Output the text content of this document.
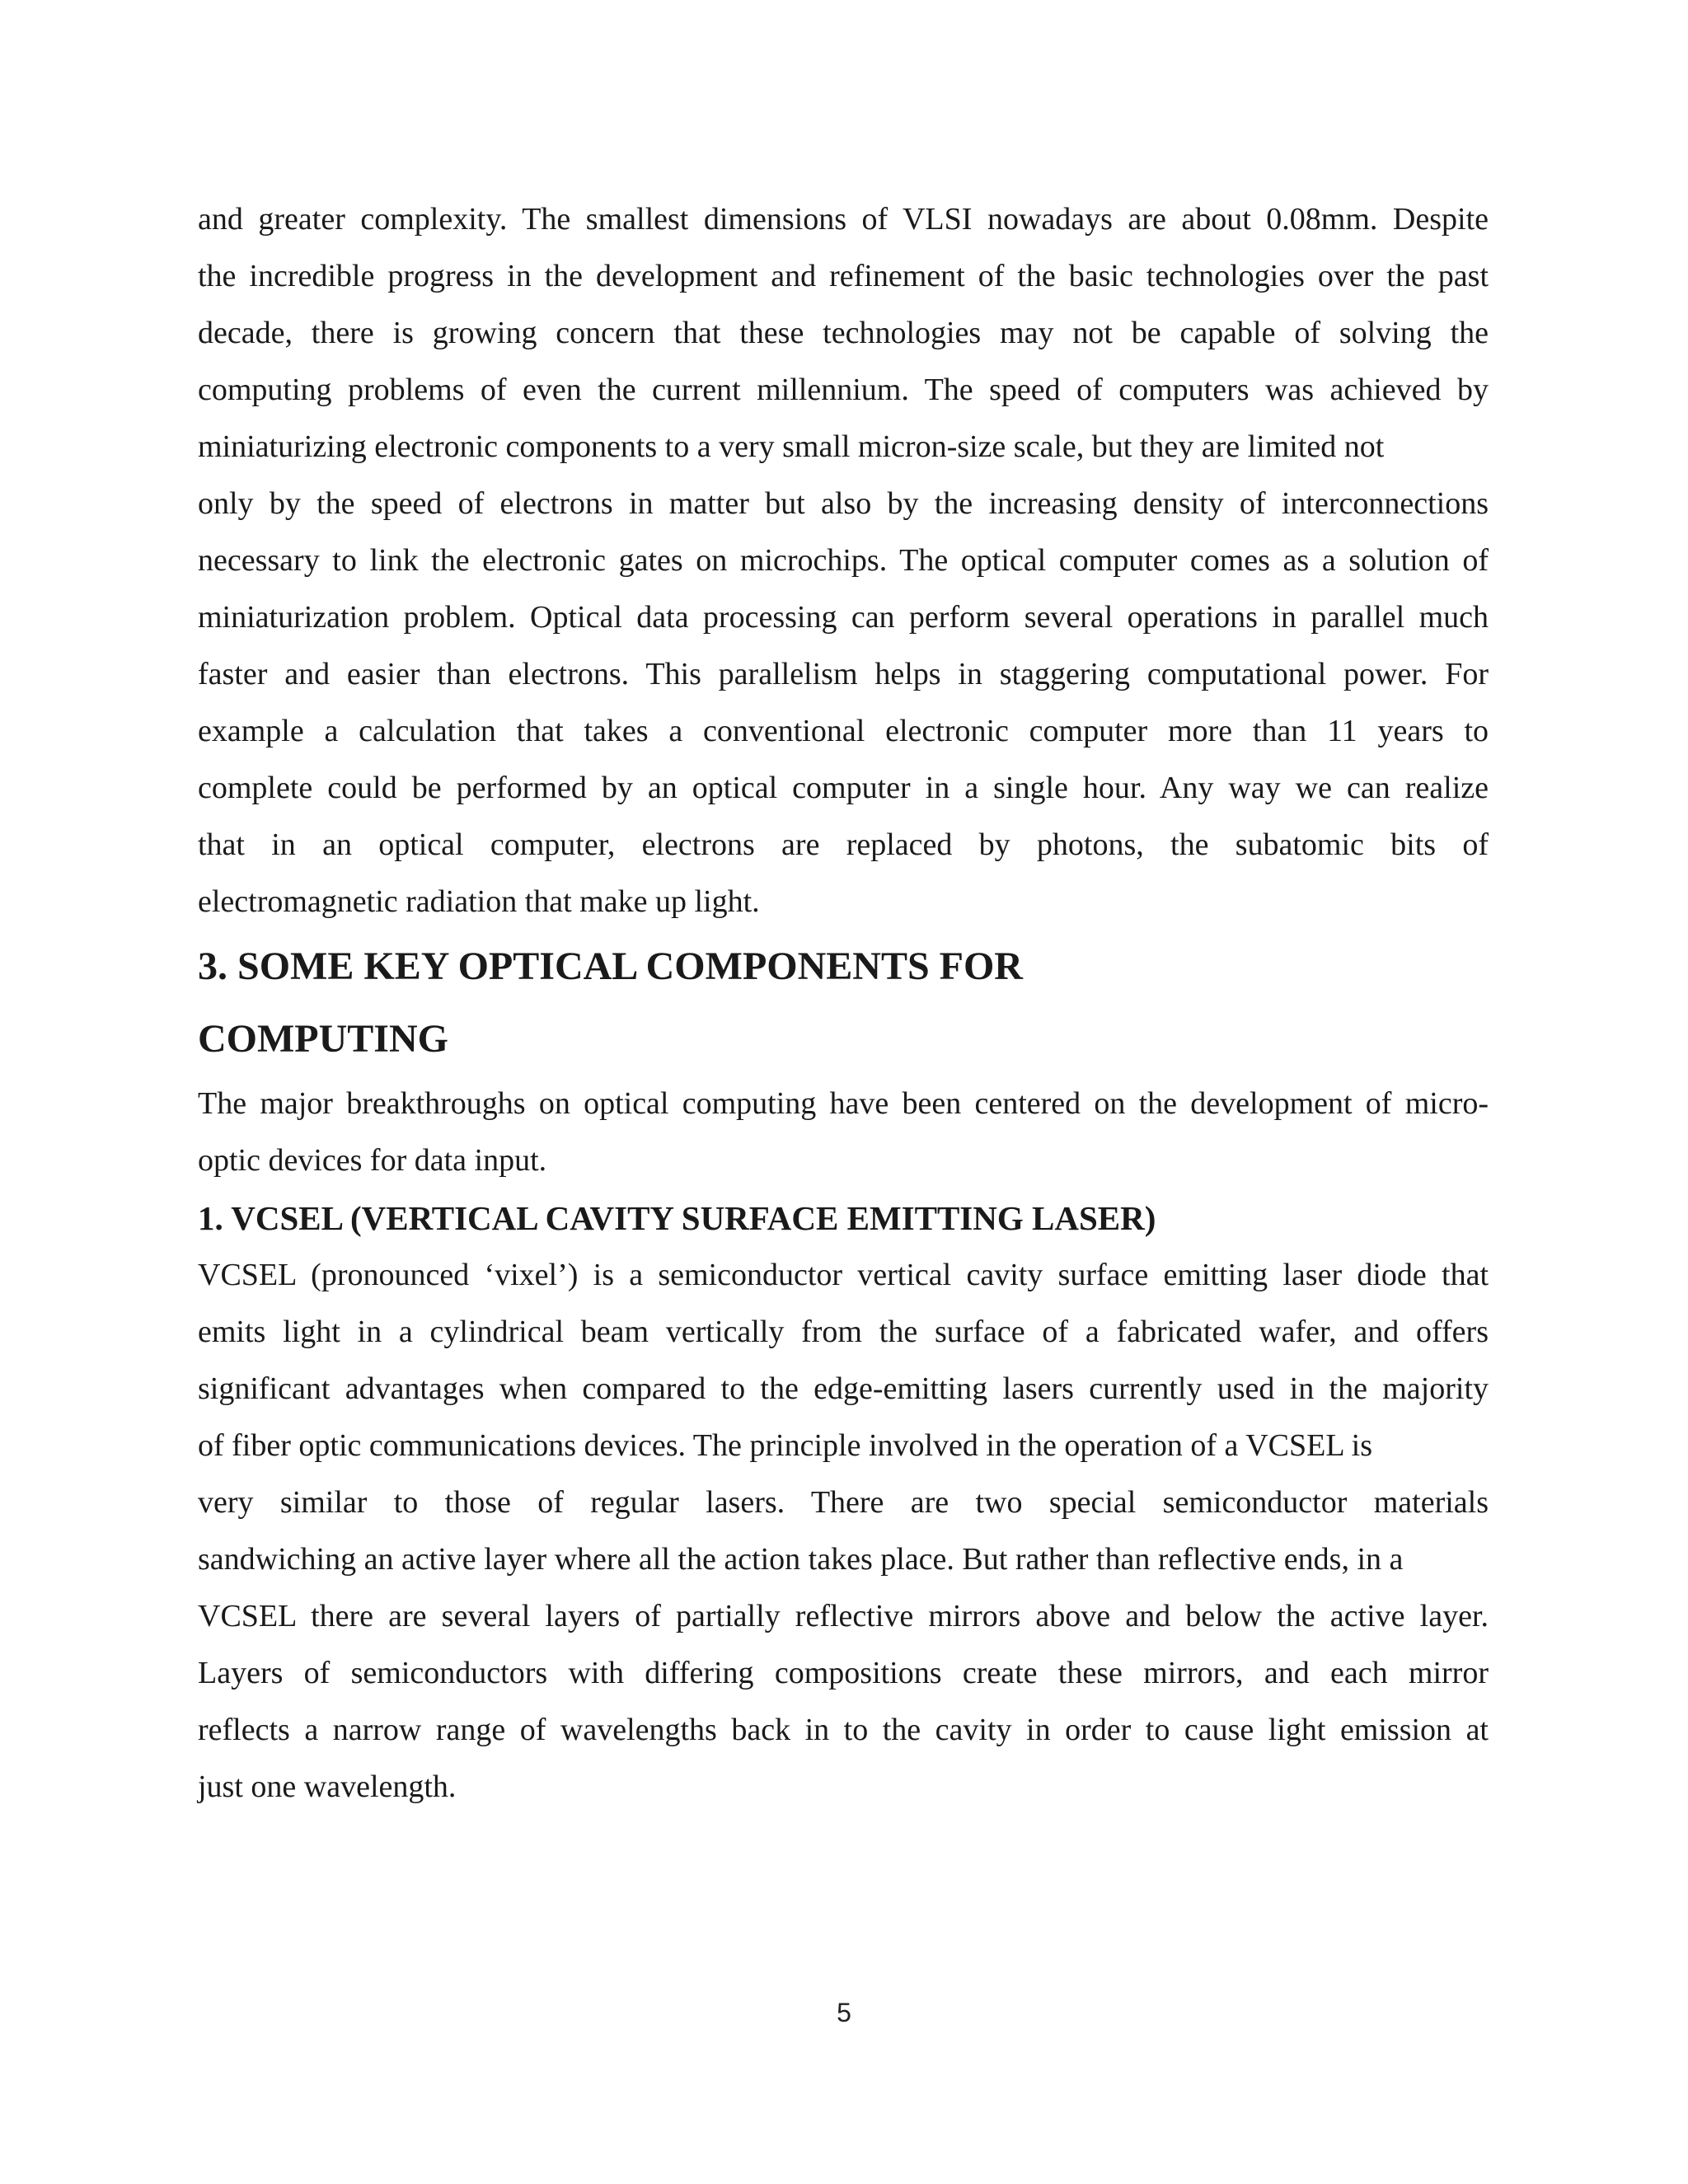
and greater complexity. The smallest dimensions of VLSI nowadays are about 0.08mm. Despite
the incredible progress in the development and refinement of the basic technologies over the past
decade, there is growing concern that these technologies may not be capable of solving the
computing problems of even the current millennium. The speed of computers was achieved by
miniaturizing electronic components to a very small micron-size scale, but they are limited not
only by the speed of electrons in matter but also by the increasing density of interconnections
necessary to link the electronic gates on microchips. The optical computer comes as a solution of
miniaturization problem. Optical data processing can perform several operations in parallel much
faster and easier than electrons. This parallelism helps in staggering computational power. For
example a calculation that takes a conventional electronic computer more than 11 years to
complete could be performed by an optical computer in a single hour. Any way we can realize
that in an optical computer, electrons are replaced by photons, the subatomic bits of
electromagnetic radiation that make up light.

3. SOME KEY OPTICAL COMPONENTS FOR
COMPUTING

The major breakthroughs on optical computing have been centered on the development of micro-
optic devices for data input.

1. VCSEL (VERTICAL CAVITY SURFACE EMITTING LASER)

VCSEL (pronounced ‘vixel’) is a semiconductor vertical cavity surface emitting laser diode that
emits light in a cylindrical beam vertically from the surface of a fabricated wafer, and offers
significant advantages when compared to the edge-emitting lasers currently used in the majority
of fiber optic communications devices. The principle involved in the operation of a VCSEL is
very similar to those of regular lasers. There are two special semiconductor materials
sandwiching an active layer where all the action takes place. But rather than reflective ends, in a
VCSEL there are several layers of partially reflective mirrors above and below the active layer.
Layers of semiconductors with differing compositions create these mirrors, and each mirror
reflects a narrow range of wavelengths back in to the cavity in order to cause light emission at
just one wavelength.

5
